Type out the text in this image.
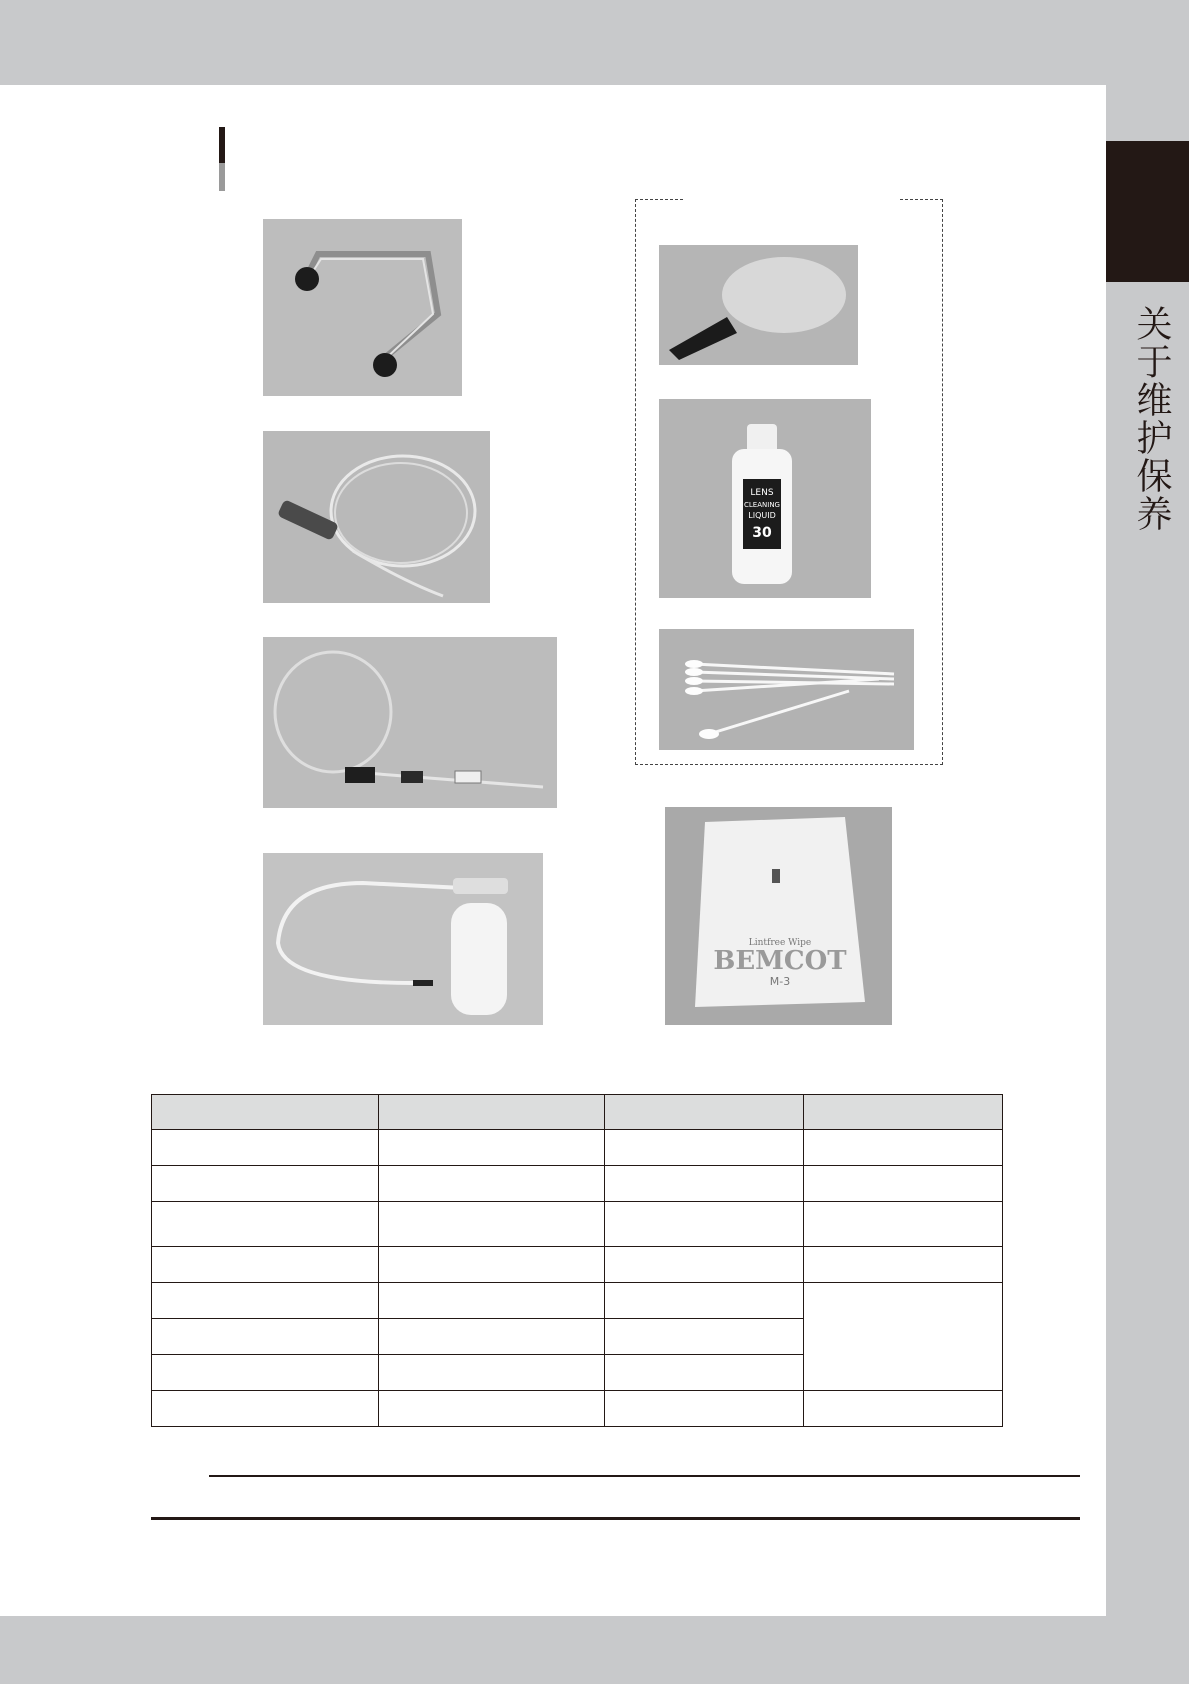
关于维护保养
LENS
CLEANING
LIQUID
30
Lintfree Wipe
BEMCOT
M-3
